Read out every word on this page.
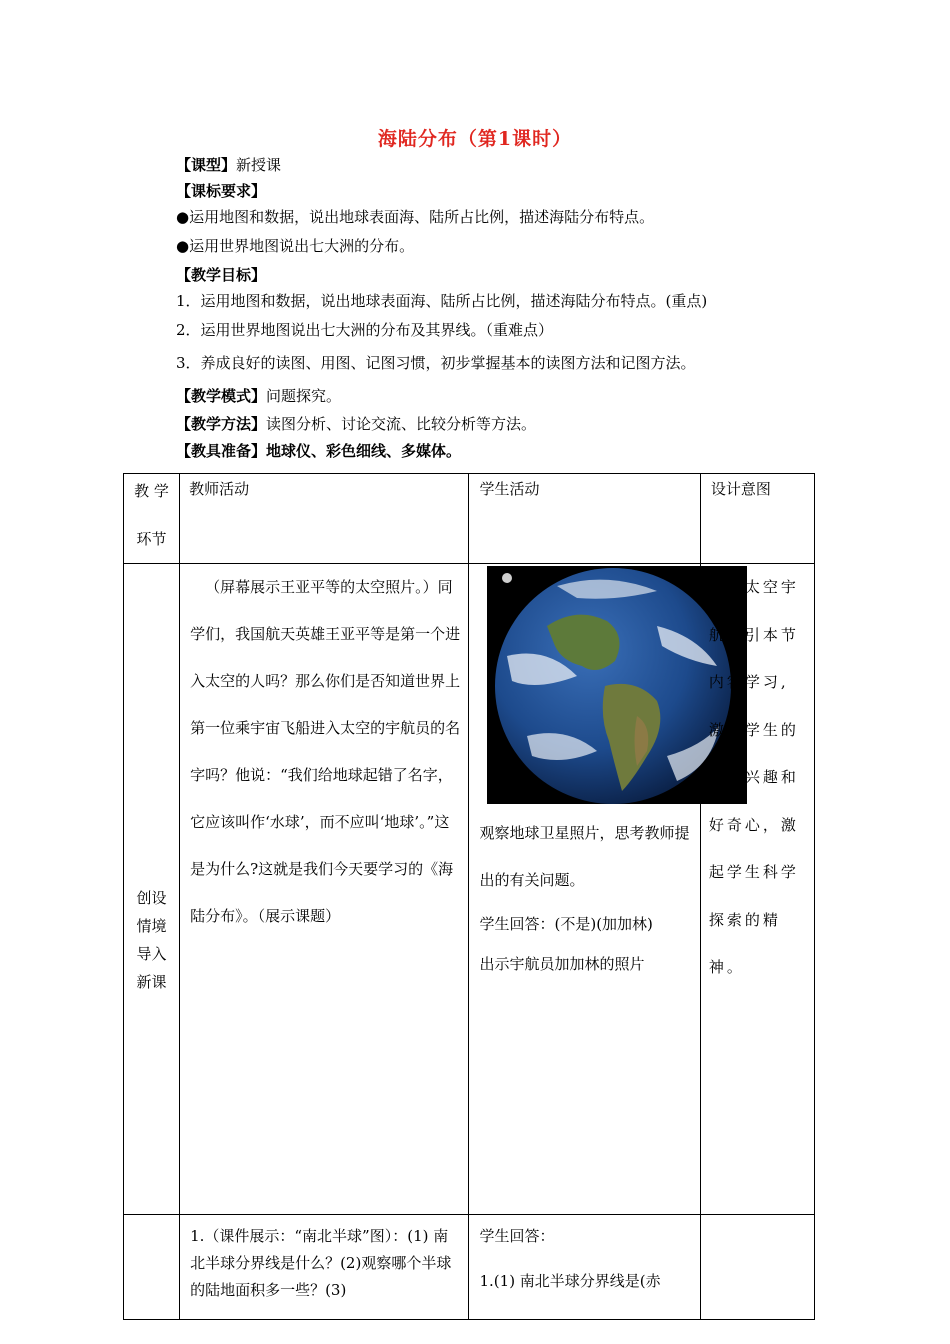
海陆分布（第1课时）
【课型】新授课
【课标要求】
●运用地图和数据，说出地球表面海、陆所占比例，描述海陆分布特点。
●运用世界地图说出七大洲的分布。
【教学目标】
1．运用地图和数据，说出地球表面海、陆所占比例，描述海陆分布特点。(重点)
2．运用世界地图说出七大洲的分布及其界线。（重难点）
3．养成良好的读图、用图、记图习惯，初步掌握基本的读图方法和记图方法。
【教学模式】问题探究。
【教学方法】读图分析、讨论交流、比较分析等方法。
【教具准备】地球仪、彩色细线、多媒体。
教 学
环节	教师活动	学生活动	设计意图

创设情境导入新课	（屏幕展示王亚平等的太空照片。）同学们，我国航天英雄王亚平等是第一个进入太空的人吗？那么你们是否知道世界上第一位乘宇宙飞船进入太空的宇航员的名字吗？他说：“我们给地球起错了名字，它应该叫作‘水球’，而不应叫‘地球’。”这是为什么?这就是我们今天要学习的《海陆分布》。（展示课题）	观察地球卫星照片，思考教师提出的有关问题。
学生回答：(不是)(加加林)
出示宇航员加加林的照片	遨游太空宇航员引本节内容学习,激发学生的学习兴趣和好奇心，激起学生科学探索的精神。

	1.（课件展示：“南北半球”图）：(1) 南北半球分界线是什么？(2)观察哪个半球的陆地面积多一些？(3)	学生回答：
1.(1) 南北半球分界线是(赤	
